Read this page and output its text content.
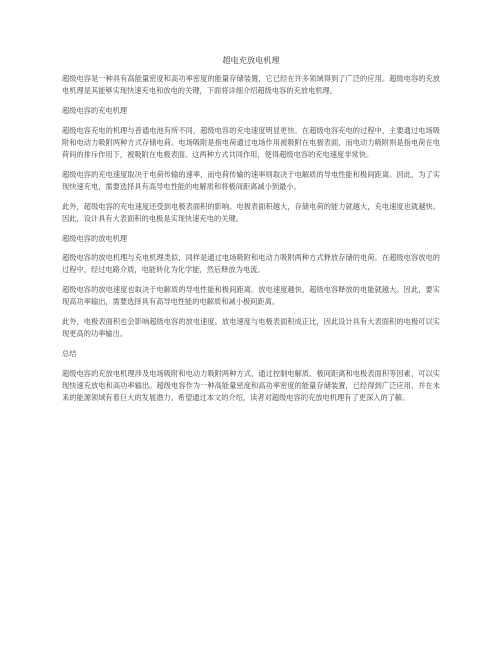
超电充放电机理

超级电容是一种具有高能量密度和高功率密度的能量存储装置，它已经在许多领域得到了广泛的应用。超级电容的充放电机理是其能够实现快速充电和放电的关键，下面将详细介绍超级电容的充放电机理。

超级电容的充电机理

超级电容充电的机理与普通电池有所不同，超级电容的充电速度明显更快。在超级电容充电的过程中，主要通过电场吸附和电动力吸附两种方式存储电荷。电场吸附是指电荷通过电场作用被吸附在电极表面，而电动力吸附则是指电荷在电荷间的排斥作用下，被吸附在电极表面。这两种方式共同作用，使得超级电容的充电速度非常快。

超级电容的充电速度取决于电荷传输的速率，而电荷传输的速率则取决于电解质的导电性能和极间距离。因此，为了实现快速充电，需要选择具有高导电性能的电解质和将极间距离减小到最小。

此外，超级电容的充电速度还受到电极表面积的影响。电极表面积越大，存储电荷的能力就越大，充电速度也就越快。因此，设计具有大表面积的电极是实现快速充电的关键。

超级电容的放电机理

超级电容的放电机理与充电机理类似，同样是通过电场吸附和电动力吸附两种方式释放存储的电荷。在超级电容放电的过程中，经过电路介质，电能转化为化学能，然后释放为电流。

超级电容的放电速度也取决于电解质的导电性能和极间距离。放电速度越快，超级电容释放的电能就越大。因此，要实现高功率输出，需要选择具有高导电性能的电解质和减小极间距离。

此外，电极表面积也会影响超级电容的放电速度。放电速度与电极表面积成正比，因此设计具有大表面积的电极可以实现更高的功率输出。

总结

超级电容的充放电机理涉及电场吸附和电动力吸附两种方式，通过控制电解质、极间距离和电极表面积等因素，可以实现快速充放电和高功率输出。超级电容作为一种高能量密度和高功率密度的能量存储装置，已经得到广泛应用，并在未来的能源领域有着巨大的发展潜力。希望通过本文的介绍，读者对超级电容的充放电机理有了更深入的了解。
